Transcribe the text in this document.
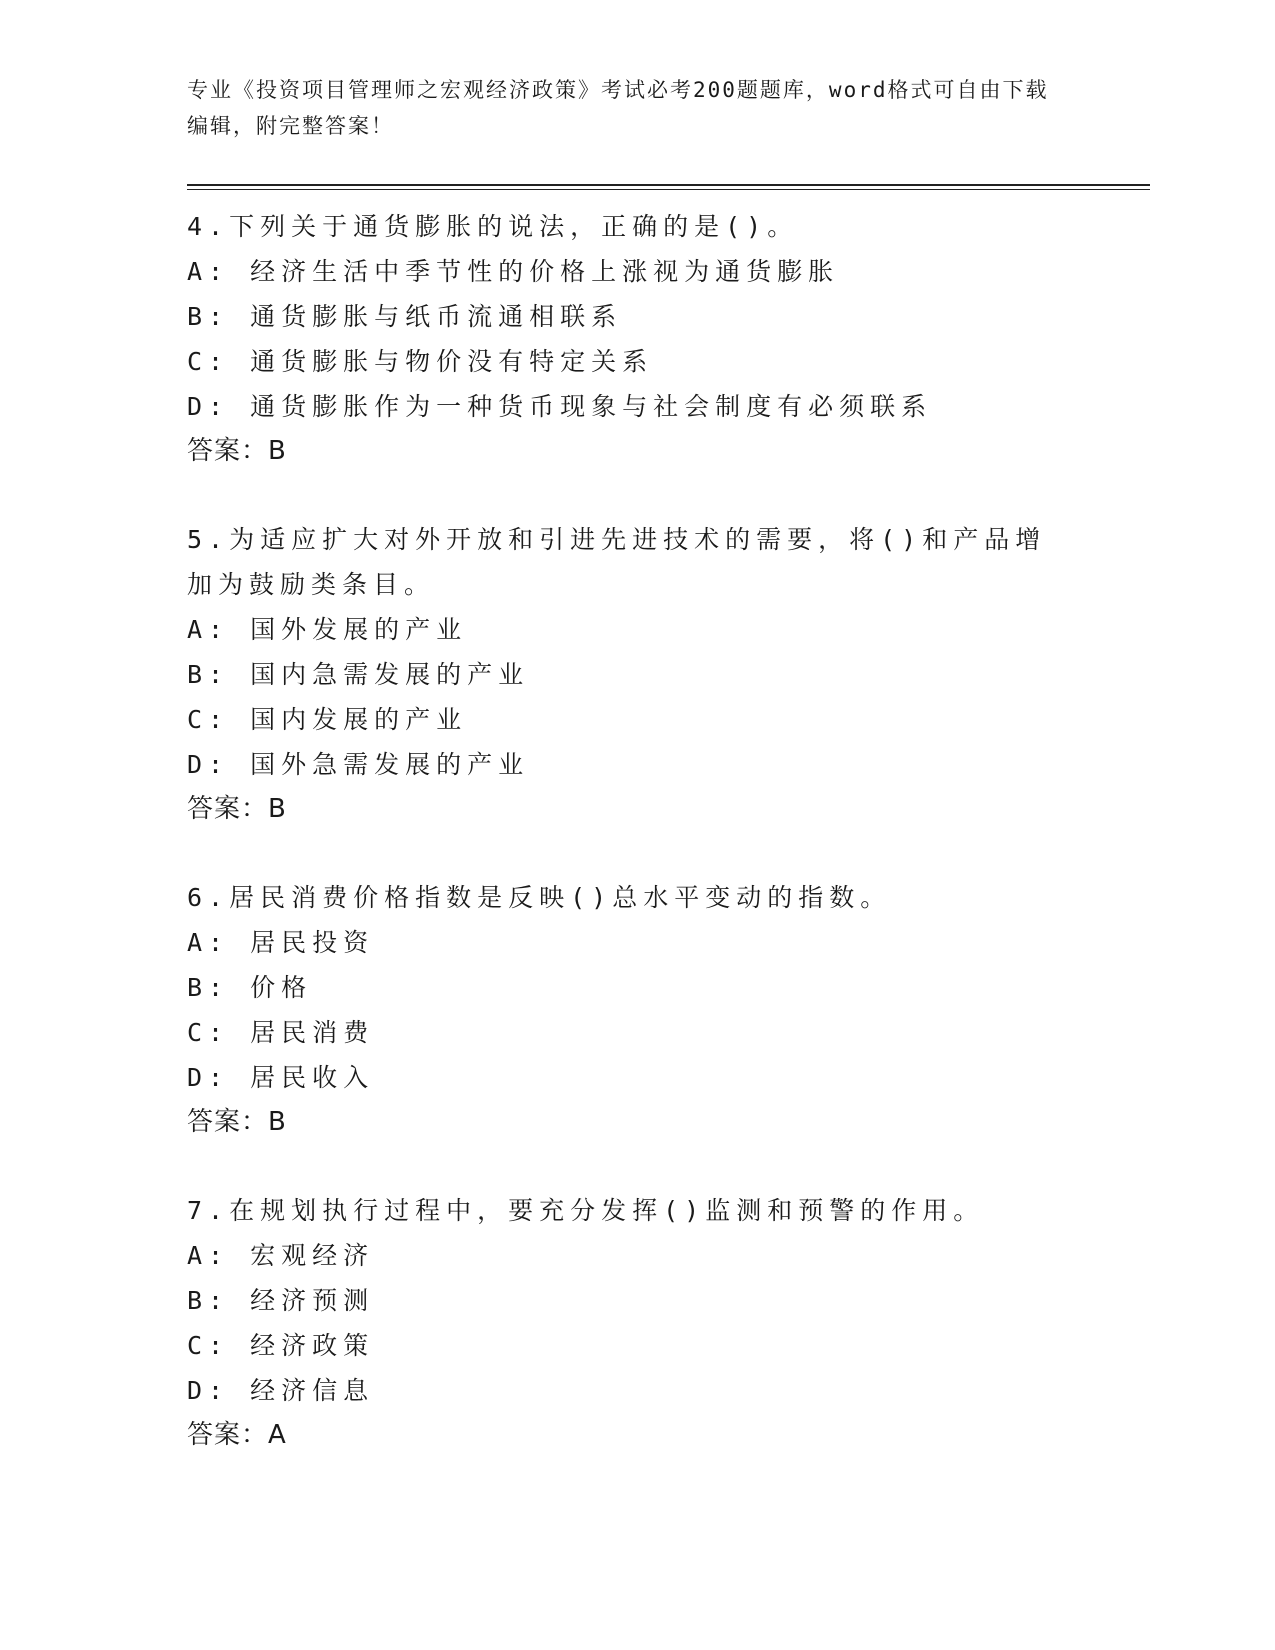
专业《投资项目管理师之宏观经济政策》考试必考200题题库，word格式可自由下载编辑，附完整答案！

4.下列关于通货膨胀的说法，正确的是()。

A: 经济生活中季节性的价格上涨视为通货膨胀

B: 通货膨胀与纸币流通相联系

C: 通货膨胀与物价没有特定关系

D: 通货膨胀作为一种货币现象与社会制度有必须联系

答案：B

5.为适应扩大对外开放和引进先进技术的需要，将()和产品增加为鼓励类条目。

A: 国外发展的产业

B: 国内急需发展的产业

C: 国内发展的产业

D: 国外急需发展的产业

答案：B

6.居民消费价格指数是反映()总水平变动的指数。

A: 居民投资

B: 价格

C: 居民消费

D: 居民收入

答案：B

7.在规划执行过程中，要充分发挥()监测和预警的作用。

A: 宏观经济

B: 经济预测

C: 经济政策

D: 经济信息

答案：A
